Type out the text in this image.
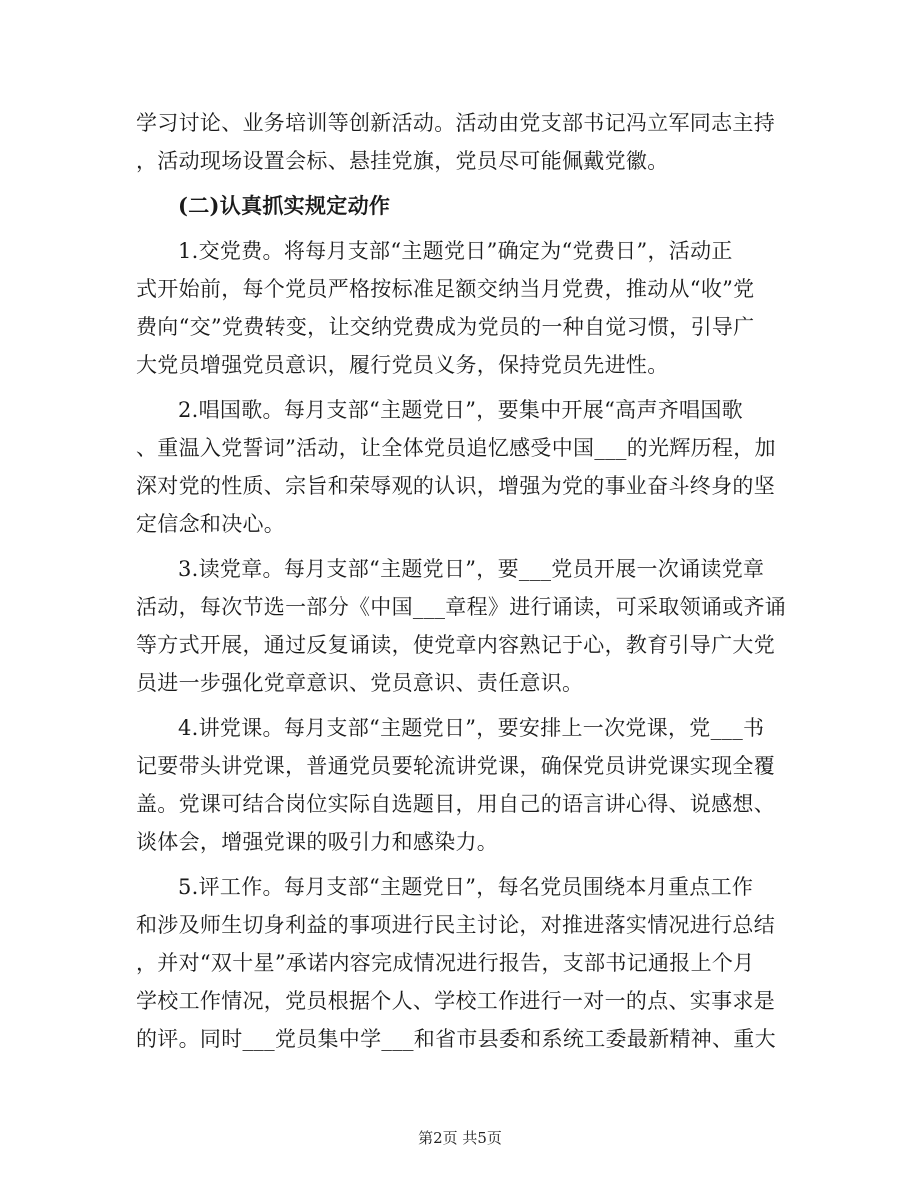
学习讨论、业务培训等创新活动。活动由党支部书记冯立军同志主持
，活动现场设置会标、悬挂党旗，党员尽可能佩戴党徽。
(二)认真抓实规定动作
1.交党费。将每月支部“主题党日”确定为“党费日”，活动正
式开始前，每个党员严格按标准足额交纳当月党费，推动从“收”党
费向“交”党费转变，让交纳党费成为党员的一种自觉习惯，引导广
大党员增强党员意识，履行党员义务，保持党员先进性。
2.唱国歌。每月支部“主题党日”，要集中开展“高声齐唱国歌
、重温入党誓词”活动，让全体党员追忆感受中国___的光辉历程，加
深对党的性质、宗旨和荣辱观的认识，增强为党的事业奋斗终身的坚
定信念和决心。
3.读党章。每月支部“主题党日”，要___党员开展一次诵读党章
活动，每次节选一部分《中国___章程》进行诵读，可采取领诵或齐诵
等方式开展，通过反复诵读，使党章内容熟记于心，教育引导广大党
员进一步强化党章意识、党员意识、责任意识。
4.讲党课。每月支部“主题党日”，要安排上一次党课，党___书
记要带头讲党课，普通党员要轮流讲党课，确保党员讲党课实现全覆
盖。党课可结合岗位实际自选题目，用自己的语言讲心得、说感想、
谈体会，增强党课的吸引力和感染力。
5.评工作。每月支部“主题党日”，每名党员围绕本月重点工作
和涉及师生切身利益的事项进行民主讨论，对推进落实情况进行总结
，并对“双十星”承诺内容完成情况进行报告，支部书记通报上个月
学校工作情况，党员根据个人、学校工作进行一对一的点、实事求是
的评。同时___党员集中学___和省市县委和系统工委最新精神、重大
第2页 共5页
